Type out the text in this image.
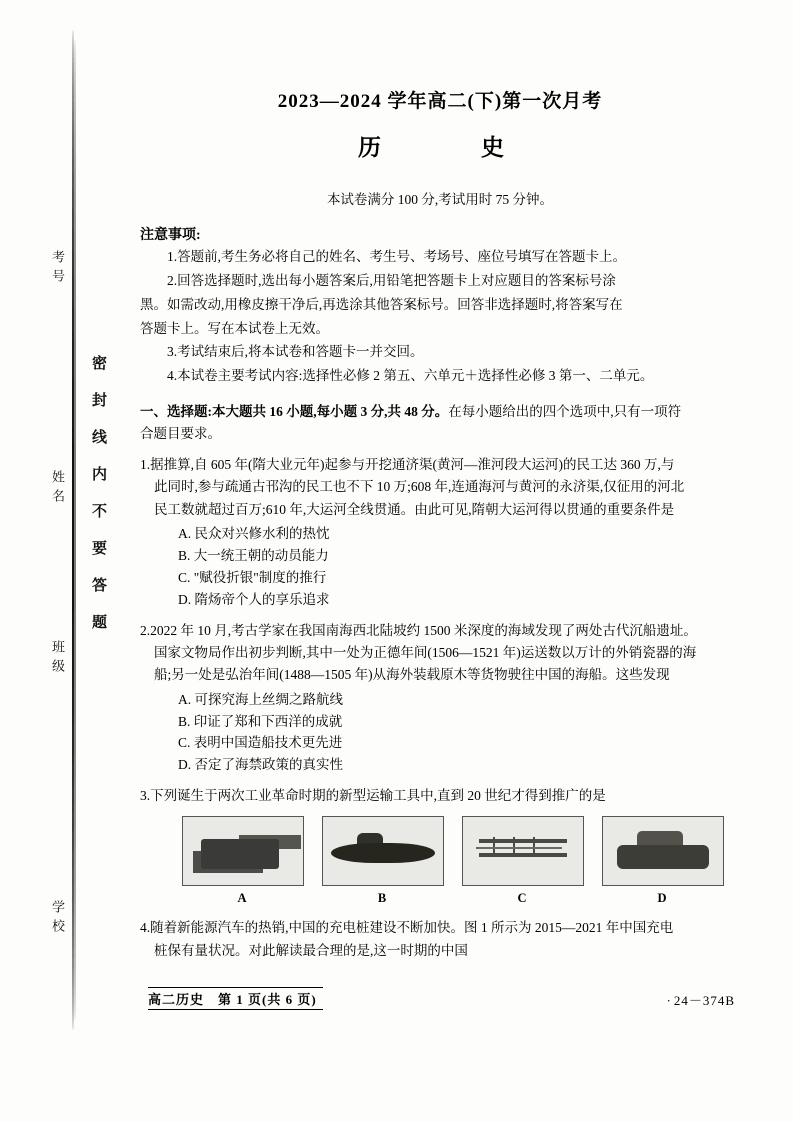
考号
姓名
班级
学校
密封线内不要答题
2023—2024 学年高二(下)第一次月考
历　　史
本试卷满分 100 分,考试用时 75 分钟。
注意事项:
1.答题前,考生务必将自己的姓名、考生号、考场号、座位号填写在答题卡上。
2.回答选择题时,选出每小题答案后,用铅笔把答题卡上对应题目的答案标号涂
黑。如需改动,用橡皮擦干净后,再选涂其他答案标号。回答非选择题时,将答案写在
答题卡上。写在本试卷上无效。
3.考试结束后,将本试卷和答题卡一并交回。
4.本试卷主要考试内容:选择性必修 2 第五、六单元＋选择性必修 3 第一、二单元。
一、选择题:本大题共 16 小题,每小题 3 分,共 48 分。在每小题给出的四个选项中,只有一项符
合题目要求。
1.据推算,自 605 年(隋大业元年)起参与开挖通济渠(黄河—淮河段大运河)的民工达 360 万,与
此同时,参与疏通古邗沟的民工也不下 10 万;608 年,连通海河与黄河的永济渠,仅征用的河北
民工数就超过百万;610 年,大运河全线贯通。由此可见,隋朝大运河得以贯通的重要条件是
A. 民众对兴修水利的热忱
B. 大一统王朝的动员能力
C. "赋役折银"制度的推行
D. 隋炀帝个人的享乐追求
2.2022 年 10 月,考古学家在我国南海西北陆坡约 1500 米深度的海域发现了两处古代沉船遗址。
国家文物局作出初步判断,其中一处为正德年间(1506—1521 年)运送数以万计的外销瓷器的海
船;另一处是弘治年间(1488—1505 年)从海外装载原木等货物驶往中国的海船。这些发现
A. 可探究海上丝绸之路航线
B. 印证了郑和下西洋的成就
C. 表明中国造船技术更先进
D. 否定了海禁政策的真实性
3.下列诞生于两次工业革命时期的新型运输工具中,直到 20 世纪才得到推广的是
A	B	C	D
4.随着新能源汽车的热销,中国的充电桩建设不断加快。图 1 所示为 2015—2021 年中国充电
桩保有量状况。对此解读最合理的是,这一时期的中国
高二历史　第 1 页(共 6 页)	· 24－374B
